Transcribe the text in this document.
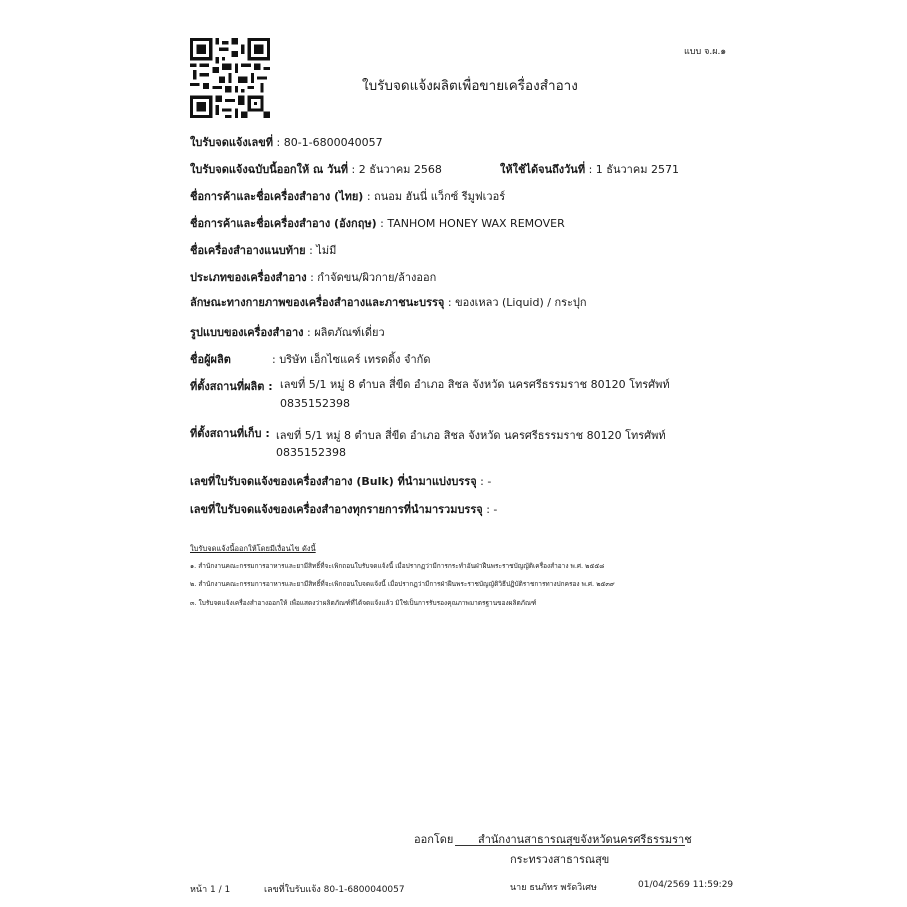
แบบ จ.ผ.๑
ใบรับจดแจ้งผลิตเพื่อขายเครื่องสำอาง
ใบรับจดแจ้งเลขที่ : 80-1-6800040057
ใบรับจดแจ้งฉบับนี้ออกให้ ณ วันที่ : 2 ธันวาคม 2568	ให้ใช้ได้จนถึงวันที่ : 1 ธันวาคม 2571
ชื่อการค้าและชื่อเครื่องสำอาง (ไทย) : ถนอม ฮันนี่ แว็กซ์ รีมูฟเวอร์
ชื่อการค้าและชื่อเครื่องสำอาง (อังกฤษ) : TANHOM HONEY WAX REMOVER
ชื่อเครื่องสำอางแนบท้าย : ไม่มี
ประเภทของเครื่องสำอาง : กำจัดขน/ผิวกาย/ล้างออก
ลักษณะทางกายภาพของเครื่องสำอางและภาชนะบรรจุ : ของเหลว (Liquid) / กระปุก
รูปแบบของเครื่องสำอาง : ผลิตภัณฑ์เดี่ยว
ชื่อผู้ผลิต	: บริษัท เอ็กไซแคร์ เทรดดิ้ง จำกัด
ที่ตั้งสถานที่ผลิต : เลขที่ 5/1 หมู่ 8 ตำบล สี่ขีด อำเภอ สิชล จังหวัด นครศรีธรรมราช 80120 โทรศัพท์
0835152398
ที่ตั้งสถานที่เก็บ : เลขที่ 5/1 หมู่ 8 ตำบล สี่ขีด อำเภอ สิชล จังหวัด นครศรีธรรมราช 80120 โทรศัพท์
0835152398
เลขที่ใบรับจดแจ้งของเครื่องสำอาง (Bulk) ที่นำมาแบ่งบรรจุ : -
เลขที่ใบรับจดแจ้งของเครื่องสำอางทุกรายการที่นำมารวมบรรจุ : -
ใบรับจดแจ้งนี้ออกให้โดยมีเงื่อนไข ดังนี้
๑. สำนักงานคณะกรรมการอาหารและยามีสิทธิ์ที่จะเพิกถอนใบรับจดแจ้งนี้ เมื่อปรากฏว่ามีการกระทำอันฝ่าฝืนพระราชบัญญัติเครื่องสำอาง พ.ศ. ๒๕๕๘
๒. สำนักงานคณะกรรมการอาหารและยามีสิทธิ์ที่จะเพิกถอนใบจดแจ้งนี้ เมื่อปรากฏว่ามีการฝ่าฝืนพระราชบัญญัติวิธีปฏิบัติราชการทางปกครอง พ.ศ. ๒๕๓๙
๓. ใบรับจดแจ้งเครื่องสำอางออกให้ เพื่อแสดงว่าผลิตภัณฑ์ที่ได้จดแจ้งแล้ว มิใช่เป็นการรับรองคุณภาพมาตรฐานของผลิตภัณฑ์
ออกโดย สำนักงานสาธารณสุขจังหวัดนครศรีธรรมราช
กระทรวงสาธารณสุข
หน้า 1 / 1	เลขที่ใบรับแจ้ง 80-1-6800040057	นาย ธนภัทร พรัดวิเศษ	01/04/2569 11:59:29
